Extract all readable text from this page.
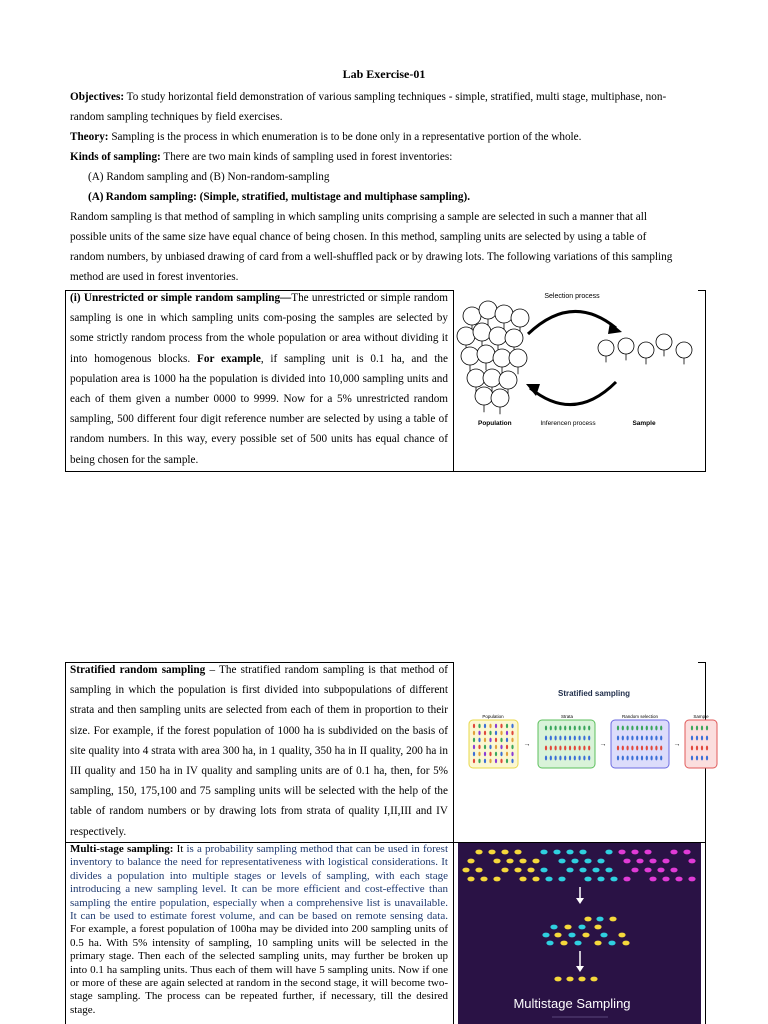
Lab Exercise-01
Objectives: To study horizontal field demonstration of various sampling techniques - simple, stratified, multi stage, multiphase, non-
random sampling techniques by field exercises.
Theory: Sampling is the process in which enumeration is to be done only in a representative portion of the whole.
Kinds of sampling: There are two main kinds of sampling used in forest inventories:
(A) Random sampling and (B) Non-random-sampling
(A) Random sampling: (Simple, stratified, multistage and multiphase sampling).
Random sampling is that method of sampling in which sampling units comprising a sample are selected in such a manner that all
possible units of the same size have equal chance of being chosen. In this method, sampling units are selected by using a table of
random numbers, by unbiased drawing of card from a well-shuffled pack or by drawing lots. The following variations of this sampling
method are used in forest inventories.
(i) Unrestricted or simple random sampling—The unrestricted or simple random sampling is one in which sampling units com-posing the samples are selected by some strictly random process from the whole population or area without dividing it into homogenous blocks. For example, if sampling unit is 0.1 ha, and the population area is 1000 ha the population is divided into 10,000 sampling units and each of them given a number 0000 to 9999. Now for a 5% unrestricted random sampling, 500 different four digit reference number are selected by using a table of random numbers. In this way, every possible set of 500 units has equal chance of being chosen for the sample.
Selection process
Inferencen process
Population	Sample
Stratified random sampling – The stratified random sampling is that method of sampling in which the population is first divided into subpopulations of different strata and then sampling units are selected from each of them in proportion to their size. For example, if the forest population of 1000 ha is subdivided on the basis of site quality into 4 strata with area 300 ha, in 1 quality, 350 ha in II quality, 200 ha in III quality and 150 ha in IV quality and sampling units are of 0.1 ha, then, for 5% sampling, 150, 175,100 and 75 sampling units will be selected with the help of the table of random numbers or by drawing lots from strata of quality I,II,III and IV respectively.
Stratified sampling
Population	Strata	Random selection	Sample
→	→	→
Multi-stage sampling: It is a probability sampling method that can be used in forest inventory to balance the need for representativeness with logistical considerations. It divides a population into multiple stages or levels of sampling, with each stage introducing a new sampling level. It can be more efficient and cost-effective than sampling the entire population, especially when a comprehensive list is unavailable. It can be used to estimate forest volume, and can be based on remote sensing data. For example, a forest population of 100ha may be divided into 200 sampling units of 0.5 ha. With 5% intensity of sampling, 10 sampling units will be selected in the primary stage. Then each of the selected sampling units, may further be broken up into 0.1 ha sampling units. Thus each of them will have 5 sampling units. Now if one or more of these are again selected at random in the second stage, it will become two-stage sampling. The process can be repeated further, if necessary, till the desired stage.	Multistage Sampling
